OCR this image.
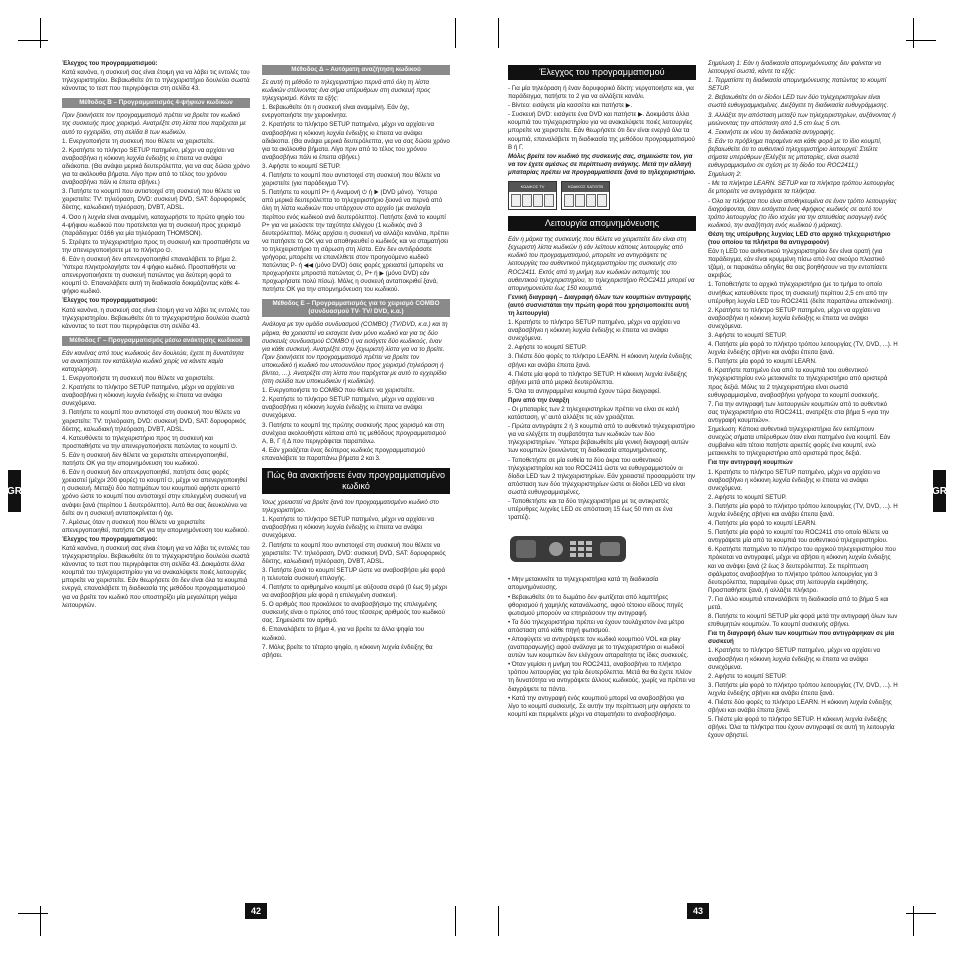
Έλεγχος του προγραμματισμού:

Κατά κανόνα, η συσκευή σας είναι έτοιμη για να λάβει τις εντολές του τηλεχειριστηρίου. Βεβαιωθείτε ότι το τηλεχειριστήριο δουλεύει σωστά κάνοντας το τεστ που περιγράφεται στη σελίδα 43.

Μέθοδος Β – Προγραμματισμός 4-ψήφιων κωδικών

Πριν ξεκινήσετε τον προγραμματισμό πρέπει να βρείτε τον κωδικό της συσκευής προς χειρισμό. Ανατρέξτε στη λίστα που παρέχεται με αυτό το εγχειρίδιο, στη σελίδα 8 των κωδικών.

1. Ενεργοποιήστε τη συσκευή που θέλετε να χειριστείτε.

2. Κρατήστε το πλήκτρο SETUP πατημένο, μέχρι να αρχίσει να αναβοσβήνει η κόκκινη λυχνία ένδειξης κι έπειτα να ανάψει αδιάκοπα. (Θα ανάψει μερικά δευτερόλεπτα, για να σας δώσει χρόνο για τα ακόλουθα βήματα. Λίγο πριν από το τέλος του χρόνου αναβοσβήνει πάλι κι έπειτα σβήνει.)

3. Πατήστε το κουμπί που αντιστοιχεί στη συσκευή που θέλετε να χειριστείτε: TV: τηλεόραση, DVD: συσκευή DVD, SAT: δορυφορικός δέκτης, καλωδιακή τηλεόραση, DVBT, ADSL.

4. Όσο η λυχνία είναι αναμμένη, καταχωρήστε το πρώτο ψηφίο του 4-ψήφιου κωδικού που προτείνεται για τη συσκευή προς χειρισμό (παράδειγμα: 0166 για μία τηλεόραση THOMSON).

5. Στρέψτε το τηλεχειριστήριο προς τη συσκευή και προσπαθήστε να την απενεργοποιήσετε με το πλήκτρο ⏻.

6. Εάν η συσκευή δεν απενεργοποιηθεί επαναλάβετε το βήμα 2. Ύστερα πληκτρολογήστε τον 4 ψήφιο κωδικό. Προσπαθήστε να απενεργοποιήσετε τη συσκευή πατώντας για δεύτερη φορά το κουμπί ⏻. Επαναλάβετε αυτή τη διαδικασία δοκιμάζοντας κάθε 4-ψήφιο κωδικό.

Έλεγχος του προγραμματισμού:

Κατά κανόνα, η συσκευή σας είναι έτοιμη για να λάβει τις εντολές του τηλεχειριστηρίου. Βεβαιωθείτε ότι το τηλεχειριστήριο δουλεύει σωστά κάνοντας το τεστ που περιγράφεται στη σελίδα 43.

Μέθοδος Γ – Προγραμματισμός μέσω ανάκτησης κωδικού

Εάν κανένας από τους κωδικούς δεν δουλεύει, έχετε τη δυνατότητα να ανακτήσετε τον κατάλληλο κωδικό χειρίς να κάνετε καμία καταχώρηση.

1. Ενεργοποιήστε τη συσκευή που θέλετε να χειριστείτε.

2. Κρατήστε το πλήκτρο SETUP πατημένο, μέχρι να αρχίσει να αναβοσβήνει η κόκκινη λυχνία ένδειξης κι έπειτα να ανάψει συνεχόμενα.

3. Πατήστε το κουμπί που αντιστοιχεί στη συσκευή που θέλετε να χειριστείτε: TV: τηλεόραση, DVD: συσκευή DVD, SAT: δορυφορικός δέκτης, καλωδιακή τηλεόραση, DVBT, ADSL.

4. Κατευθύνετε το τηλεχειριστήριο προς τη συσκευή και προσπαθήστε να την απενεργοποιήσετε πατώντας το κουμπί ⏻.

5. Εάν η συσκευή δεν θέλετε να χειριστείτε απενεργοποιηθεί, πατήστε OK για την απομνημόνευση του κωδικού.

6. Εάν η συσκευή δεν απενεργοποιηθεί, πατήστε όσες φορές χρειαστεί (μέχρι 200 φορές) το κουμπί ⏻, μέχρι να απενεργοποιηθεί η συσκευή. Μεταξύ δύο πατημάτων του κουμπιού αφήστε αρκετό χρόνο ώστε το κουμπί που αντιστοιχεί στην επιλεγμένη συσκευή να ανάψει ξανά (περίπου 1 δευτερόλεπτο). Αυτό θα σας διευκολύνει να δείτε αν η συσκευή ανταποκρίνεται ή όχι.

7. Αμέσως όταν η συσκευή που θέλετε να χειριστείτε απενεργοποιηθεί, πατήστε OK για την απομνημόνευση του κωδικού.

Έλεγχος του προγραμματισμού:

Κατά κανόνα, η συσκευή σας είναι έτοιμη για να λάβει τις εντολές του τηλεχειριστηρίου. Βεβαιωθείτε ότι το τηλεχειριστήριο δουλεύει σωστά κάνοντας το τεστ που περιγράφεται στη σελίδα 43. Δοκιμάστε άλλα κουμπιά του τηλεχειριστηρίου για να ανακαλύψετε ποιές λειτουργίες μπορείτε να χειριστείτε. Εάν θεωρήσετε ότι δεν είναι όλα τα κουμπιά ενεργά, επαναλάβετε τη διαδικασία της μεθόδου προγραμματισμού για να βρείτε τον κωδικό που υποστηρίζει μία μεγαλύτερη γκάμα λειτουργιών.

Μέθοδος Δ – Αυτόματη αναζήτηση κωδικού

Σε αυτή τη μέθοδο το τηλεχειριστήριο περνά από όλη τη λίστα κωδικών στέλνοντας ένα σήμα υπέρυθρων στη συσκευή προς τηλεχειρισμό. Κάντε τα εξής:

1. Βεβαιωθείτε ότι η συσκευή είναι αναμμένη. Εάν όχι, ενεργοποιήστε την χειροκίνητα.

2. Κρατήστε το πλήκτρο SETUP πατημένο, μέχρι να αρχίσει να αναβοσβήνει η κόκκινη λυχνία ένδειξης κι έπειτα να ανάψει αδιάκοπα. (Θα ανάψει μερικά δευτερόλεπτα, για να σας δώσει χρόνο για τα ακόλουθα βήματα. Λίγο πριν από το τέλος του χρόνου αναβοσβήνει πάλι κι έπειτα σβήνει.)

3. Αφήστε το κουμπί SETUP.

4. Πατήστε το κουμπί που αντιστοιχεί στη συσκευή που θέλετε να χειριστείτε (για παράδειγμα TV).

5. Πατήστε το κουμπί P+ ή Αναμονή ⏻ ή ▶ (DVD μόνο). Ύστερα από μερικά δευτερόλεπτα το τηλεχειριστήριο ξεκινά να περνά από όλη τη λίστα κωδικών που υπάρχουν στο αρχείο (με αναλογία περίπου ενός κωδικού ανά δευτερόλεπτο). Πατήστε ξανά το κουμπί P+ για να μειώσετε την ταχύτητα ελέγχου (1 κωδικός ανά 3 δευτερόλεπτα). Μόλις αρχίσει η συσκευή να αλλάζει κανάλια, πρέπει να πατήσετε το OK για να αποθηκευθεί ο κωδικός και να σταματήσει το τηλεχειριστήριο τη σάρωση στη λίστα. Εάν δεν αντιδράσατε γρήγορα, μπορείτε να επανέλθετε στον προηγούμενο κωδικό πατώντας P- ή ◀◀ (μόνο DVD) όσες φορές χρειαστεί (μπορείτε να προχωρήσετε μπροστά πατώντας ⏻, P+ ή ▶ (μόνο DVD) εάν προχωρήσατε πολύ πίσω). Μόλις η συσκευή ανταποκριθεί ξανά, πατήστε OK για την απομνημόνευση του κωδικού.

Μέθοδος Ε – Προγραμματισμός για το χειρισμό COMBO (συνδυασμού TV- TV/ DVD, κ.α.)

Ανάλογα με την ομάδα συνδυασμού (COMBO) (TV/DVD, κ.α.) και τη μάρκα, θα χρειαστεί να εισαγετε έναν μόνο κωδικό και για τις δύο συσκευές συνδυασμού COMBO ή να εισάγετε δύο κωδικούς, έναν για κάθε συσκευή. Ανατρέξτε στην ξεχωριστή λίστα για να το βρείτε. Πριν ξεκινήσετε τον προγραμματισμό πρέπει να βρείτε τον υποκωδικό ή κωδικό του υποσυνόλου προς χειρισμό (τηλεόραση ή βίντεο, …). Ανατρέξτε στη λίστα που παρέχεται με αυτό το εγχειρίδιο (στη σελίδα των υποκωδικών ή κωδικών).

1. Ενεργοποιήστε το COMBO που θέλετε να χειριστείτε.

2. Κρατήστε το πλήκτρο SETUP πατημένο, μέχρι να αρχίσει να αναβοσβήνει η κόκκινη λυχνία ένδειξης κι έπειτα να ανάψει συνεχόμενα.

3. Πατήστε το κουμπί της πρώτης συσκευής προς χειρισμό και στη συνέχεια ακολουθήστε κάποια από τις μεθόδους προγραμματισμού Α, Β, Γ ή Δ που περιγράφεται παραπάνω.

4. Εάν χρειάζεται ένας δεύτερος κωδικός προγραμματισμού επαναλάβετε τα παραπάνω βήματα 2 και 3.

Πώς θα ανακτήσετε έναν προγραμματισμένο κωδικό

Ίσως χρειαστεί να βρείτε ξανά τον προγραμματισμένο κωδικό στο τηλεχειριστήριο.

1. Κρατήστε το πλήκτρο SETUP πατημένο, μέχρι να αρχίσει να αναβοσβήνει η κόκκινη λυχνία ένδειξης κι έπειτα να ανάψει συνεχόμενα.

2. Πατήστε το κουμπί που αντιστοιχεί στη συσκευή που θέλετε να χειριστείτε: TV: τηλεόραση, DVD: συσκευή DVD, SAT: δορυφορικός δέκτης, καλωδιακή τηλεόραση, DVBT, ADSL.

3. Πατήστε ξανά το κουμπί SETUP ώστε να αναβοσβήσει μία φορά η τελευταία συσκευή επιλογής.

4. Πατήστε το αριθμημένο κουμπί με αύξουσα σειρά (0 έως 9) μέχρι να αναβοσβήσει μία φορά η επιλεγμένη συσκευή.

5. Ο αριθμός που προκάλεσε το αναβοσβήσιμο της επιλεγμένης συσκευής είναι ο πρώτος από τους τέσσερις αριθμούς του κωδικού σας. Σημειώστε τον αριθμό.

6. Επαναλάβετε το βήμα 4, για να βρείτε τα άλλα ψηφία του κωδικού.

7. Μόλις βρείτε το τέταρτο ψηφίο, η κόκκινη λυχνία ένδειξης θα σβήσει.

GR
42
Έλεγχος του προγραμματισμού

- Για μία τηλεόραση ή έναν δορυφορικό δέκτη: νεργοποιήστε και, για παράδειγμα, πατήστε το 2 για να αλλάξετε κανάλι.

- Βίντεο: εισάγετε μία κασσέτα και πατήστε ▶.

- Συσκευή DVD: εισάγετε ένα DVD και πατήστε ▶. Δοκιμάστε άλλα κουμπιά του τηλεχειριστηρίου για να ανακαλύψετε ποιές λειτουργίες μπορείτε να χειριστείτε. Εάν θεωρήσετε ότι δεν είναι ενεργά όλα τα κουμπιά, επαναλάβετε τη διαδικασία της μεθόδου προγραμματισμού Β ή Γ.

Μόλις βρείτε τον κωδικό της συσκευής σας, σημειώστε τον, για να τον έχετε αμέσως σε περίπτωση ανάγκης. Μετά την αλλαγή μπαταρίας πρέπει να προγραμματίσετε ξανά το τηλεχειριστήριο.

ΚΩΔΙΚΟΣ TV	ΚΩΔΙΚΟΣ SAT/STB
Λειτουργία απομνημόνευσης

Εάν η μάρκα της συσκευής που θέλετε να χειριστείτε δεν είναι στη ξεχωριστή λίστα κωδικών ή εάν λείπουν κάποιες λειτουργίες από κωδικό του προγραμματισμού, μπορείτε να αντιγράψετε τις λειτουργίες του αυθεντικού τηλεχειριστηρίου της συσκευής στο ROC2411. Εκτός από τη μνήμη των κωδικών εκπομπής του αυθεντικού τηλεχειριστηρίου, το τηλεχειριστήριο ROC2411 μπορεί να απομνημονεύσει έως 150 κουμπιά.

Γενική διαγραφή – Διαγραφή όλων των κουμπιών αντιγραφής (αυτό συσνιστάται την πρώτη φορά που χρησιμοποιείτε αυτή τη λειτουργία)

1. Κρατήστε το πλήκτρο SETUP πατημένο, μέχρι να αρχίσει να αναβοσβήνει η κόκκινη λυχνία ένδειξης κι έπειτα να ανάψει συνεχόμενα.

2. Αφήστε το κουμπί SETUP.

3. Πιέστε δύο φορές το πλήκτρο LEARN. Η κόκκινη λυχνία ένδειξης σβήνει και ανάβει έπειτα ξανά.

4. Πιέστε μία φορά το πλήκτρο SETUP. Η κόκκινη λυχνία ένδειξης σβήνει μετά από μερικά δευτερόλεπτα.

5. Όλα τα αντιγραμμένα κουμπιά έχουν τώρα διαγραφεί.

Πριν από την έναρξη

- Οι μπαταρίες των 2 τηλεχειριστηρίων πρέπει να είναι σε καλή κατάσταση, γι' αυτό αλλάξτε τις εάν χρειάζεται.

- Πρώτα αντιγράψτε 2 ή 3 κουμπιά από το αυθεντικό τηλεχειριστήριο για να ελέγξετε τη συμβατότητα των κωδικών των δύο τηλεχειριστηρίων. Ύστερα βεβαιωθείτε μία γενική διαγραφή αυτών των κουμπιών ξεκινώντας τη διαδικασία απομνημόνευσης.

- Τοποθετήστε σε μία ευθεία τα δύο άκρα του αυθεντικού τηλεχειριστηρίου και του ROC2411 ώστε να ευθυγραμμιστούν οι δίοδοι LED των 2 τηλεχειριστηρίων. Εάν χρειαστεί προσαρμόστε την απόσταση των δύο τηλεχειριστηρίων ώστε οι δίοδοι LED να είναι σωστά ευθυγραμμισμένες.

- Τοποθετήστε και τα δύο τηλεχειριστήρια με τις αντικριστές υπέρυθρες λυχνίες LED σε απόσταση 15 έως 50 mm σε ένα τραπέζι.

• Μην μετακινείτε τα τηλεχειριστήρια κατά τη διαδικασία απομνημόνευσης.

• Βεβαιωθείτε ότι το δωμάτιο δεν φωτίζεται από λαμπτήρες φθορισμού ή χαμηλής κατανάλωσης, αφού τέτοιου είδους πηγές φωτισμού μπορούν να επηρεάσουν την αντιγραφή.

• Τα δύο τηλεχειριστήρια πρέπει να έχουν τουλάχιστον ένα μέτρο απόσταση από κάθε πηγή φωτισμού.

• Αποφύγετε να αντιγράψετε τον κωδικό κουμπιού VOL και play (αναπαραγωγής) αφού ανάλογα με το τηλεχειριστήριο οι κωδικοί αυτών των κουμπιών δεν ελέγχουν απαραίτητα τις ίδιες συσκευές.

• Όταν γεμίσει η μνήμη του ROC2411, αναβοσβήνει το πλήκτρο τρόπου λειτουργίας για τρία δευτερόλεπτα. Μετά θα θα έχετε πλέον τη δυνατότητα να αντιγράψετε άλλους κωδικούς, χωρίς να πρέπει να διαγράψετε τα πάντα.

• Κατά την αντιγραφή ενός κουμπιού μπορεί να αναβοσβήσει για λίγο το κουμπί συσκευής. Σε αυτήν την περίπτωση μην αφήσετε το κουμπί και περιμένετε μέχρι να σταματήσει το αναβοσβήσιμο.

Σημείωση 1: Εάν η διαδικασία απομνημόνευσης δεν φαίνεται να λειτουργεί σωστά, κάντε τα εξής:

1. Τερματίστε τη διαδικασία απομνημόνευσης πατώντας το κουμπί SETUP.

2. Βεβαιωθείτε ότι οι δίοδοι LED των δύο τηλεχειριστηρίων είναι σωστά ευθυγραμμισμένες. Διεξάγετε τη διαδικασία ευθυγράμμισης.

3. Αλλάξτε την απόσταση μεταξύ των τηλεχειριστηρίων, αυξάνοντας ή μειώνοντας την απόσταση από 1,5 cm έως 5 cm.

4. Ξεκινήστε εκ νέου τη διαδικασία αντιγραφής.

5. Εάν το πρόβλημα παραμένει και κάθε φορά με το ίδιο κουμπί, βεβαιωθείτε ότι το αυθεντικό τηλεχειριστήριο λειτουργεί: Στείλτε σήματα υπερύθρων (Ελέγξτε τις μπαταρίες, είναι σωστά ευθυγραμμισμένο σε σχέση με τη δίοδο του ROC2411;)

Σημείωση 2:

- Με τα πλήκτρα LEARN. SETUP και τα πλήκτρα τρόπου λειτουργίας δε μπορείτε να αντιγράψετε τα πλήκτρα.

- Όλα τα πλήκτρα που είναι αποθηκευμένα σε έναν τρόπο λειτουργίας διαγράφονται, όταν εισάγεται ένας 4ψήφιος κωδικός σε αυτό τον τρόπο λειτουργίας (το ίδιο ισχύει για την απευθείας εισαγωγή ενός κωδικού, την αναζήτηση ενός κωδικού ή μάρκας).

Θέση της υπέρυθρης λυχνίας LED στο αρχικό τηλεχειριστήριο (του οποίου τα πλήκτρα θα αντιγραφούν)

Εάν η LED του αυθεντικού τηλεχειριστηρίου δεν είναι ορατή (για παράδειγμα, εάν είναι κρυμμένη πίσω από ένα σκούρο πλαστικό τζάμι), οι παρακάτω οδηγίες θα σας βοηθήσουν να την εντοπίσετε ακριβώς.

1. Τοποθετήστε το αρχικό τηλεχειριστήριο (με το τμήμα το οποίο συνήθως κατευθύνετε προς τη συσκευή) περίπου 2,5 cm από την υπέρυθρη λυχνία LED του ROC2411 (δείτε παραπάνω απεικόνιση).

2. Κρατήστε το πλήκτρο SETUP πατημένο, μέχρι να αρχίσει να αναβοσβήνει η κόκκινη λυχνία ένδειξης κι έπειτα να ανάψει συνεχόμενα.

3. Αφήστε το κουμπί SETUP.

4. Πατήστε μία φορά το πλήκτρο τρόπου λειτουργίας (TV, DVD, ...). Η λυχνία ένδειξης σβήνει και ανάβει έπειτα ξανά.

5. Πατήστε μία φορά το κουμπί LEARN.

6. Κρατήστε πατημένο ένα από τα κουμπιά του αυθεντικού τηλεχειριστηρίου ενώ μετακινείτε το τηλεχειριστήριο από αριστερά προς δεξιά. Μόλις τα 2 τηλεχειριστήρια είναι σωστά ευθυγραμμισμένα, αναβοσβήνει γρήγορα το κουμπί συσκευής.

7. Για την αντιγραφή των λειτουργιών κουμπιών από το αυθεντικό σας τηλεχειριστήριο στο ROC2411, ανατρέξτε στα βήμα 5 «για την αντιγραφή κουμπιών».

Σημείωση: Κάποια αυθεντικά τηλεχειριστήρια δεν εκπέμπουν συνεχώς σήματα υπέρυθρων όταν είναι πατημένο ένα κουμπί. Εάν συμβαίνει κάτι τέτοιο πατήστε αρκετές φορές ένα κουμπί, ενώ μετακινείτε το τηλεχειριστήριο από αριστερά προς δεξιά.

Για την αντιγραφή κουμπιών

1. Κρατήστε το πλήκτρο SETUP πατημένο, μέχρι να αρχίσει να αναβοσβήνει η κόκκινη λυχνία ένδειξης κι έπειτα να ανάψει συνεχόμενα.

2. Αφήστε το κουμπί SETUP.

3. Πατήστε μία φορά το πλήκτρο τρόπου λειτουργίας (TV, DVD, ...). Η λυχνία ένδειξης σβήνει και ανάβει έπειτα ξανά.

4. Πατήστε μία φορά το κουμπί LEARN.

5. Πατήστε μία φορά το κουμπί του ROC2411 στο οποίο θέλετε να αντιγράψετε μία από τα κουμπιά του αυθεντικού τηλεχειριστηρίου.

6. Κρατήστε πατημένο το πλήκτρο του αρχικού τηλεχειριστηρίου που πρόκειται να αντιγραφεί, μέχρι να σβήσει η κόκκινη λυχνία ένδειξης και να ανάψει ξανά (2 έως 3 δευτερόλεπτα). Σε περίπτωση σφάλματος αναβοσβήνει το πλήκτρο τρόπου λειτουργίας για 3 δευτερόλεπτα, παραμένει όμως στη λειτουργία εκμάθησης. Προσπαθήστε ξανά, ή αλλάξτε πλήκτρο.

7. Για άλλο κουμπιά επαναλάβετε τη διαδικασία από το βήμα 5 και μετά.

8. Πατήστε το κουμπί SETUP μία φορά μετά την αντιγραφή όλων των επιθυμητών κουμπιών. Το κουμπί συσκευής σβήνει.

Για τη διαγραφή όλων των κουμπιών που αντιγράφηκαν σε μία συσκευή

1. Κρατήστε το πλήκτρο SETUP πατημένο, μέχρι να αρχίσει να αναβοσβήνει η κόκκινη λυχνία ένδειξης κι έπειτα να ανάψει συνεχόμενα.

2. Αφήστε το κουμπί SETUP.

3. Πατήστε μία φορά το πλήκτρο τρόπου λειτουργίας (TV, DVD, ...). Η λυχνία ένδειξης σβήνει και ανάβει έπειτα ξανά.

4. Πιέστε δύο φορές το πλήκτρο LEARN. Η κόκκινη λυχνία ένδειξης σβήνει και ανάβει έπειτα ξανά.

5. Πιέστε μία φορά το πλήκτρο SETUP. Η κόκκινη λυχνία ένδειξης σβήνει. Όλα τα πλήκτρα που έχουν αντιγραφεί σε αυτή τη λειτουργία έχουν σβηστεί.

GR
43
